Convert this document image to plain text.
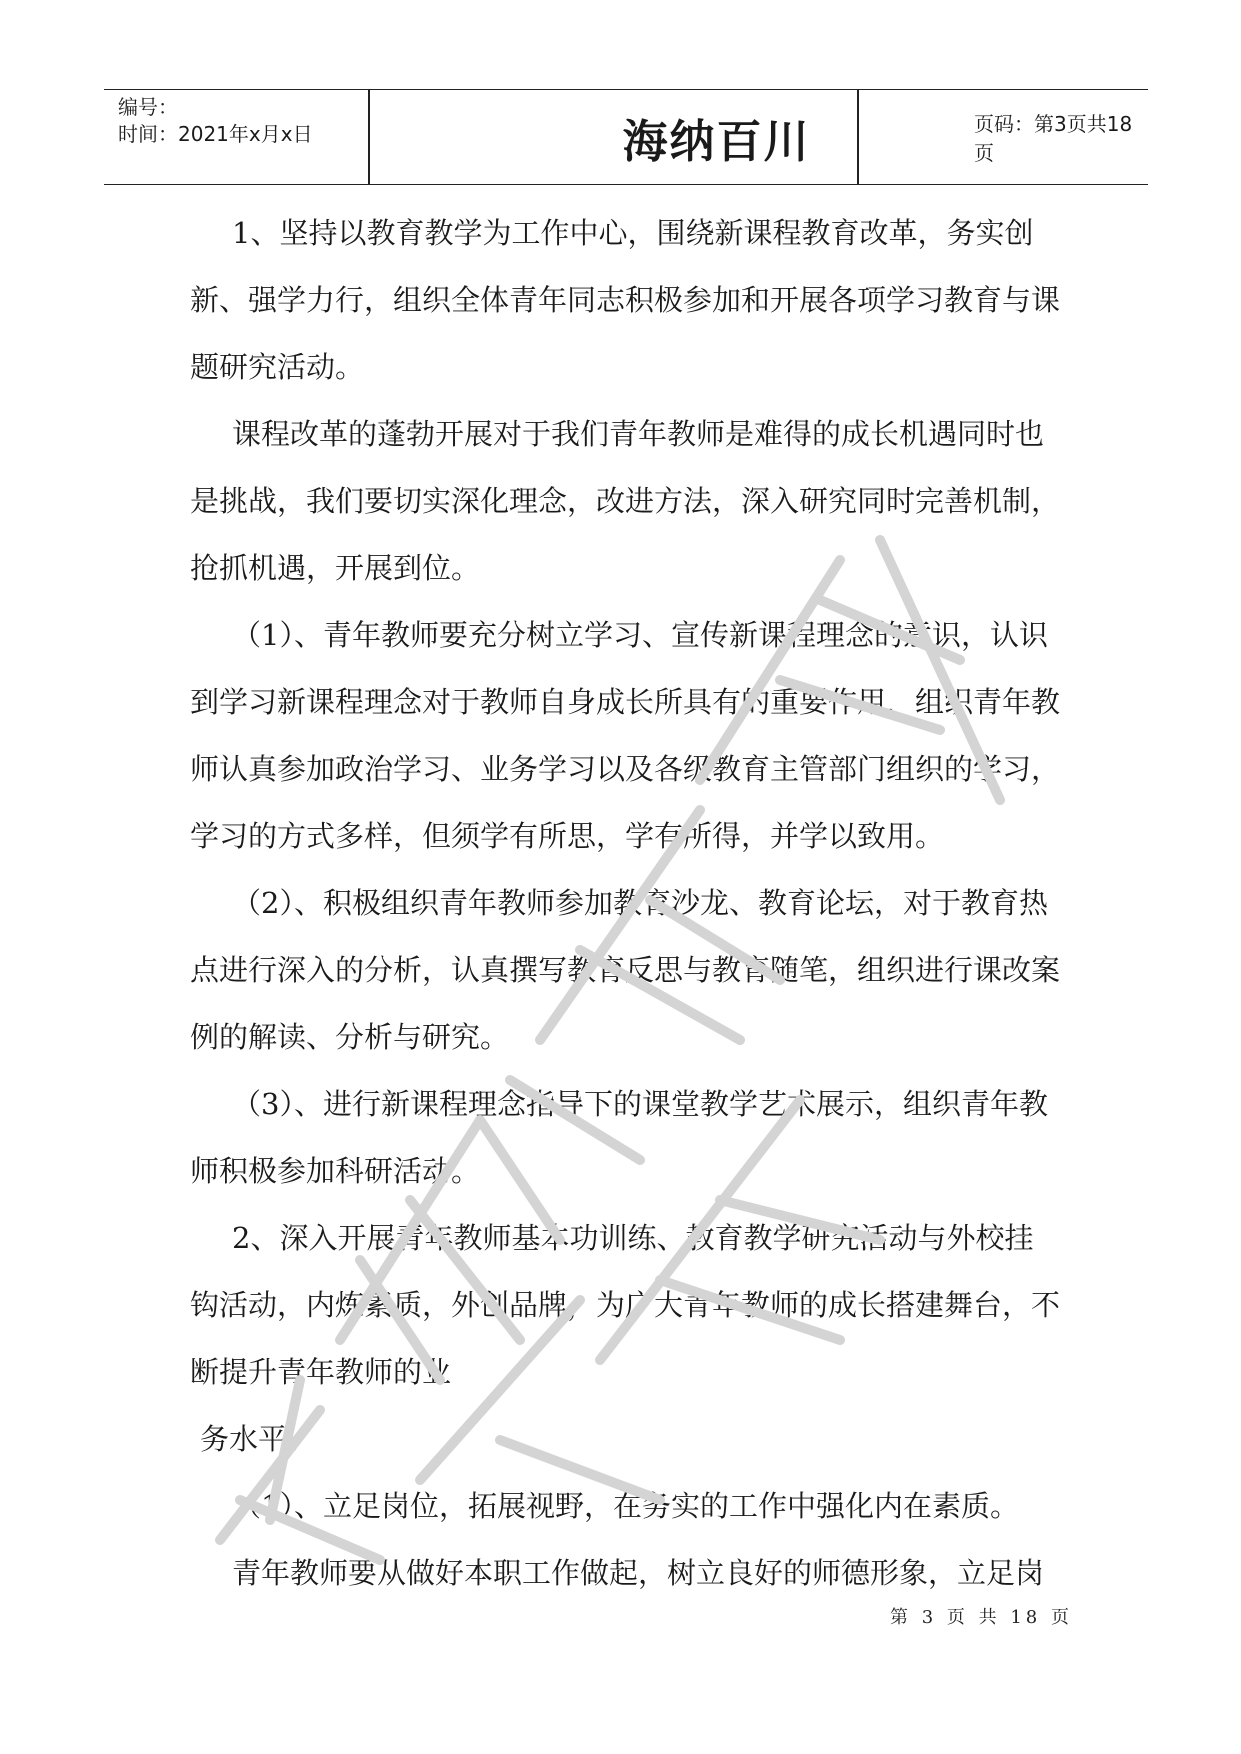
编号：
时间：2021年x月x日	海纳百川	页码：第3页共18页

1、坚持以教育教学为工作中心，围绕新课程教育改革，务实创新、强学力行，组织全体青年同志积极参加和开展各项学习教育与课题研究活动。

课程改革的蓬勃开展对于我们青年教师是难得的成长机遇同时也是挑战，我们要切实深化理念，改进方法，深入研究同时完善机制，抢抓机遇，开展到位。

（1）、青年教师要充分树立学习、宣传新课程理念的意识，认识到学习新课程理念对于教师自身成长所具有的重要作用，组织青年教师认真参加政治学习、业务学习以及各级教育主管部门组织的学习，学习的方式多样，但须学有所思，学有所得，并学以致用。

（2）、积极组织青年教师参加教育沙龙、教育论坛，对于教育热点进行深入的分析，认真撰写教育反思与教育随笔，组织进行课改案例的解读、分析与研究。

（3）、进行新课程理念指导下的课堂教学艺术展示，组织青年教师积极参加科研活动。

2、深入开展青年教师基本功训练、教育教学研究活动与外校挂钩活动，内炼素质，外创品牌，为广大青年教师的成长搭建舞台，不断提升青年教师的业

务水平。

（1）、立足岗位，拓展视野，在务实的工作中强化内在素质。

青年教师要从做好本职工作做起，树立良好的师德形象，立足岗

第 3 页 共 18 页
